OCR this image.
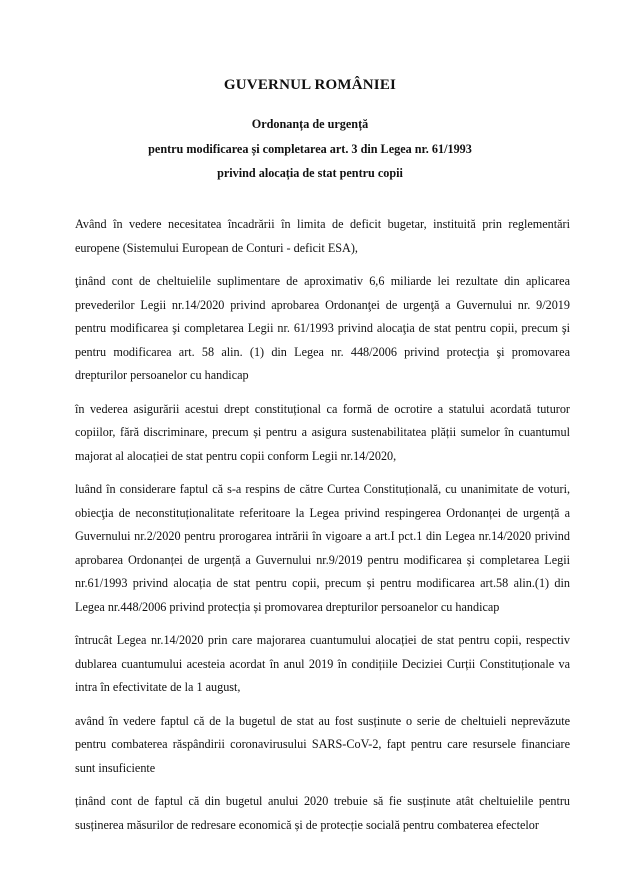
GUVERNUL ROMÂNIEI
Ordonanța de urgență
pentru modificarea și completarea art. 3 din Legea nr. 61/1993
privind alocația de stat pentru copii

Având în vedere necesitatea încadrării în limita de deficit bugetar, instituită prin reglementări europene (Sistemului European de Conturi - deficit ESA),

ţinând cont de cheltuielile suplimentare de aproximativ 6,6 miliarde lei rezultate din aplicarea prevederilor Legii nr.14/2020 privind aprobarea Ordonanţei de urgenţă a Guvernului nr. 9/2019 pentru modificarea şi completarea Legii nr. 61/1993 privind alocaţia de stat pentru copii, precum şi pentru modificarea art. 58 alin. (1) din Legea nr. 448/2006 privind protecţia şi promovarea drepturilor persoanelor cu handicap

în vederea asigurării acestui drept constituțional ca formă de ocrotire a statului acordată tuturor copiilor, fără discriminare, precum și pentru a asigura sustenabilitatea plății sumelor în cuantumul majorat al alocației de stat pentru copii conform Legii nr.14/2020,

luând în considerare faptul că s-a respins de către Curtea Constituțională, cu unanimitate de voturi, obiecţia de neconstituționalitate referitoare la Legea privind respingerea Ordonanței de urgență a Guvernului nr.2/2020 pentru prorogarea intrării în vigoare a art.I pct.1 din Legea nr.14/2020 privind aprobarea Ordonanței de urgență a Guvernului nr.9/2019 pentru modificarea și completarea Legii nr.61/1993 privind alocația de stat pentru copii, precum și pentru modificarea art.58 alin.(1) din Legea nr.448/2006 privind protecția și promovarea drepturilor persoanelor cu handicap

întrucât Legea nr.14/2020 prin care majorarea cuantumului alocației de stat pentru copii, respectiv dublarea cuantumului acesteia acordat în anul 2019 în condițiile Deciziei Curții Constituționale va intra în efectivitate de la 1 august,

având în vedere faptul că de la bugetul de stat au fost susținute o serie de cheltuieli neprevăzute pentru combaterea răspândirii coronavirusului SARS-CoV-2, fapt pentru care resursele financiare sunt insuficiente

ținând cont de faptul că din bugetul anului 2020 trebuie să fie susținute atât cheltuielile pentru susținerea măsurilor de redresare economică și de protecție socială pentru combaterea efectelor
